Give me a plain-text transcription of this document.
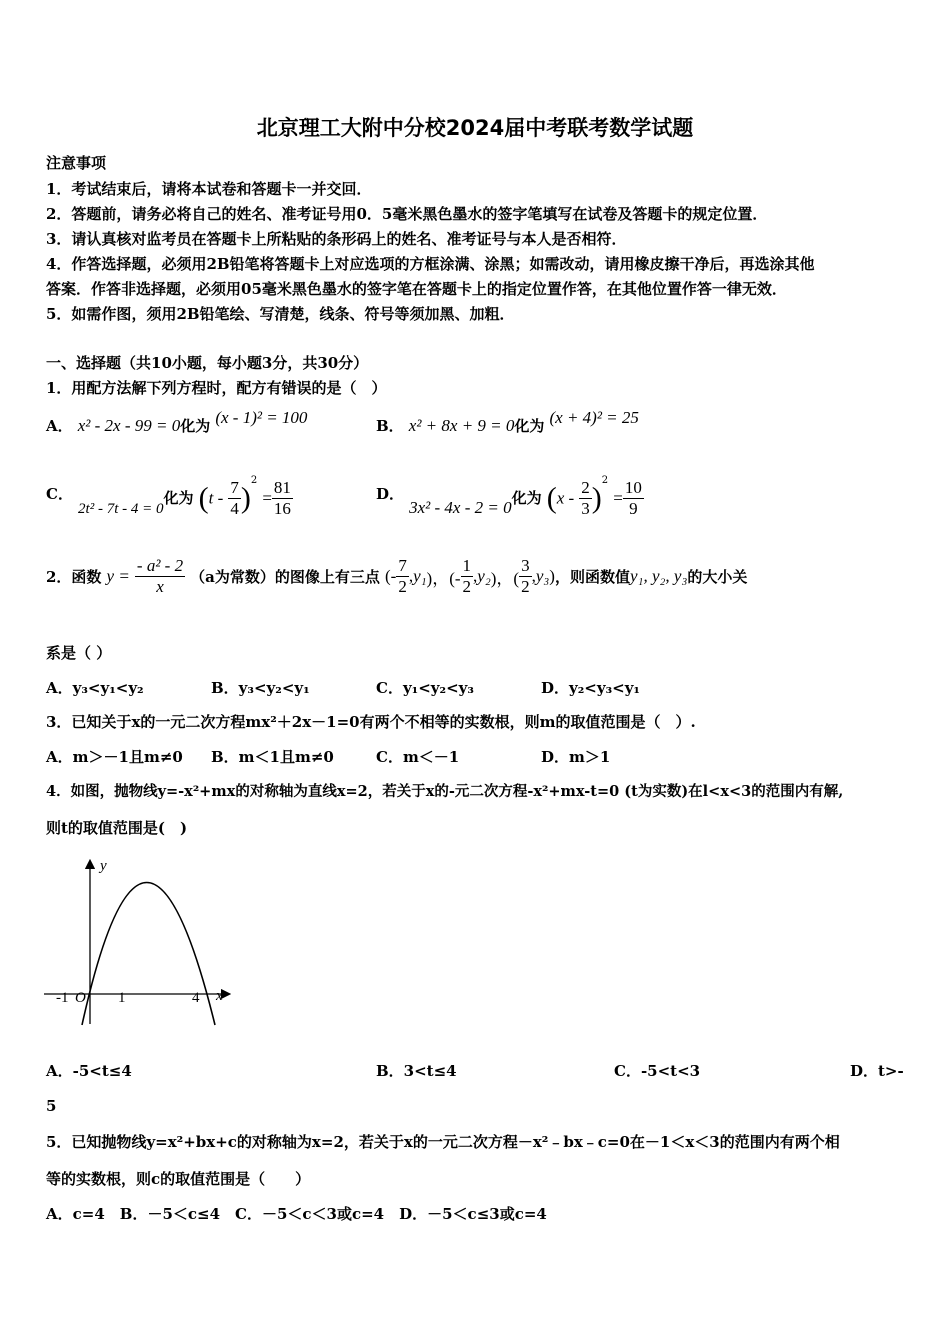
北京理工大附中分校2024届中考联考数学试题
注意事项
1．考试结束后，请将本试卷和答题卡一并交回．
2．答题前，请务必将自己的姓名、准考证号用0．5毫米黑色墨水的签字笔填写在试卷及答题卡的规定位置．
3．请认真核对监考员在答题卡上所粘贴的条形码上的姓名、准考证号与本人是否相符．
4．作答选择题，必须用2B铅笔将答题卡上对应选项的方框涂满、涂黑；如需改动，请用橡皮擦干净后，再选涂其他
答案．作答非选择题，必须用05毫米黑色墨水的签字笔在答题卡上的指定位置作答，在其他位置作答一律无效．
5．如需作图，须用2B铅笔绘、写清楚，线条、符号等须加黑、加粗．
一、选择题（共10小题，每小题3分，共30分）
1．用配方法解下列方程时，配方有错误的是（　）
A． x² - 2x - 99 = 0化为 (x - 1)² = 100	B． x² + 8x + 9 = 0化为 (x + 4)² = 25
C． 2t² - 7t - 4 = 0化为 $(t - \frac{7}{4} )^2 = \frac{81}{16}$	D． 3x² - 4x - 2 = 0化为 $(x - \frac{2}{3} )^2 = \frac{10}{9}$
2．函数 $y = \frac{\text{- a² - 2}}{x} (a$为常数）的图像上有三点 (- $\frac{7}{2} ,y_1$)，(- $\frac{1}{2} ,y_2$)，( $\frac{3}{2} ,y_3$)，则函数值y₁, y₂, y₃的大小关
系是（ ）
A．y₃<y₁<y₂	B．y₃<y₂<y₁	C．y₁<y₂<y₃	D．y₂<y₃<y₁
3．已知关于x的一元二次方程mx²＋2x－1=0有两个不相等的实数根，则m的取值范围是（　）.
A．m＞－1且m≠0 B．m＜1且m≠0	C．m＜－1	D．m＞1
4．如图，抛物线y=-x²+mx的对称轴为直线x=2，若关于x的-元二次方程-x²+mx-t=0 (t为实数)在l<x<3的范围内有解,
则t的取值范围是(　)
y
x
-1 O 1	4
A．-5<t≤4	B．3<t≤4	C．-5<t<3	D．t>-
5
5．已知抛物线y=x²+bx+c的对称轴为x=2，若关于x的一元二次方程－x²﹣bx﹣c=0在－1＜x＜3的范围内有两个相
等的实数根，则c的取值范围是（　　）
A．c=4　B．－5＜c≤4　C．－5＜c＜3或c=4　D．－5＜c≤3或c=4
